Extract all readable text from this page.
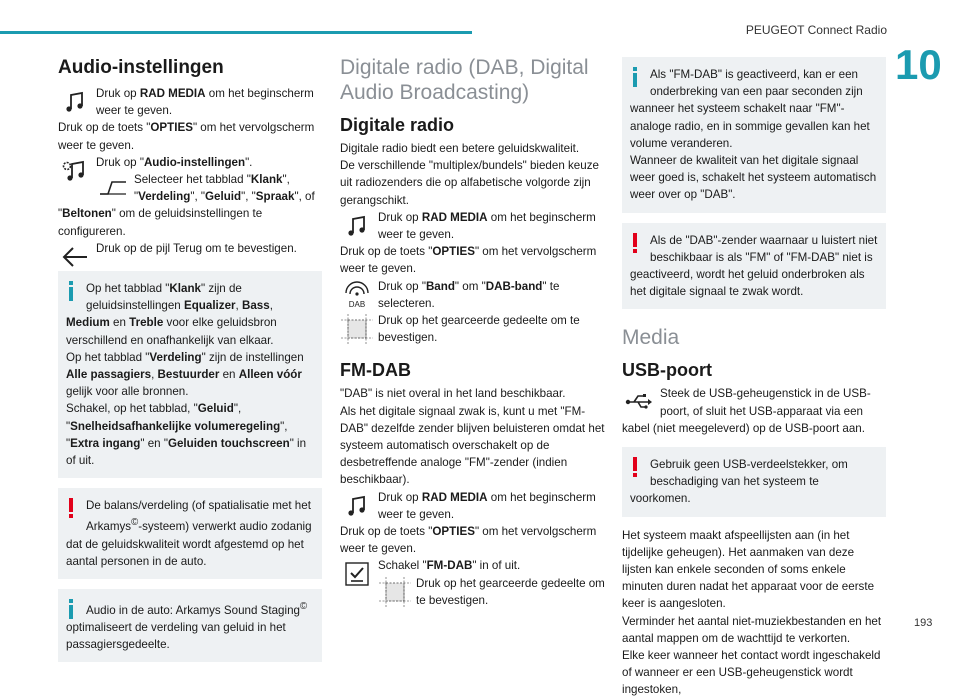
PEUGEOT Connect Radio
10
Audio-instellingen
Druk op RAD MEDIA om het beginscherm weer te geven.
Druk op de toets "OPTIES" om het vervolgscherm weer te geven.
Druk op "Audio-instellingen".
Selecteer het tabblad "Klank", "Verdeling", "Geluid", "Spraak", of "Beltonen" om de geluidsinstellingen te configureren.
Druk op de pijl Terug om te bevestigen.
Op het tabblad "Klank" zijn de geluidsinstellingen Equalizer, Bass, Medium en Treble voor elke geluidsbron verschillend en onafhankelijk van elkaar.
Op het tabblad "Verdeling" zijn de instellingen Alle passagiers, Bestuurder en Alleen vóór gelijk voor alle bronnen.
Schakel, op het tabblad, "Geluid", "Snelheidsafhankelijke volumeregeling", "Extra ingang" en "Geluiden touchscreen" in of uit.
De balans/verdeling (of spatialisatie met het Arkamys©-systeem) verwerkt audio zodanig dat de geluidskwaliteit wordt afgestemd op het aantal personen in de auto.
Audio in de auto: Arkamys Sound Staging© optimaliseert de verdeling van geluid in het passagiersgedeelte.
Digitale radio (DAB, Digital Audio Broadcasting)
Digitale radio
Digitale radio biedt een betere geluidskwaliteit.
De verschillende "multiplex/bundels" bieden keuze uit radiozenders die op alfabetische volgorde zijn gerangschikt.
Druk op RAD MEDIA om het beginscherm weer te geven.
Druk op de toets "OPTIES" om het vervolgscherm weer te geven.
DAB
Druk op "Band" om "DAB-band" te selecteren.
Druk op het gearceerde gedeelte om te bevestigen.
FM-DAB
"DAB" is niet overal in het land beschikbaar.
Als het digitale signaal zwak is, kunt u met "FM-DAB" dezelfde zender blijven beluisteren omdat het systeem automatisch overschakelt op de desbetreffende analoge "FM"-zender (indien beschikbaar).
Druk op RAD MEDIA om het beginscherm weer te geven.
Druk op de toets "OPTIES" om het vervolgscherm weer te geven.
Schakel "FM-DAB" in of uit.
Druk op het gearceerde gedeelte om te bevestigen.
Als "FM-DAB" is geactiveerd, kan er een onderbreking van een paar seconden zijn wanneer het systeem schakelt naar "FM"-analoge radio, en in sommige gevallen kan het volume veranderen.
Wanneer de kwaliteit van het digitale signaal weer goed is, schakelt het systeem automatisch weer over op "DAB".
Als de "DAB"-zender waarnaar u luistert niet beschikbaar is als "FM" of "FM-DAB" niet is geactiveerd, wordt het geluid onderbroken als het digitale signaal te zwak wordt.
Media
USB-poort
Steek de USB-geheugenstick in de USB-poort, of sluit het USB-apparaat via een kabel (niet meegeleverd) op de USB-poort aan.
Gebruik geen USB-verdeelstekker, om beschadiging van het systeem te voorkomen.
Het systeem maakt afspeellijsten aan (in het tijdelijke geheugen). Het aanmaken van deze lijsten kan enkele seconden of soms enkele minuten duren nadat het apparaat voor de eerste keer is aangesloten.
Verminder het aantal niet-muziekbestanden en het aantal mappen om de wachttijd te verkorten.
Elke keer wanneer het contact wordt ingeschakeld of wanneer er een USB-geheugenstick wordt ingestoken,
193
